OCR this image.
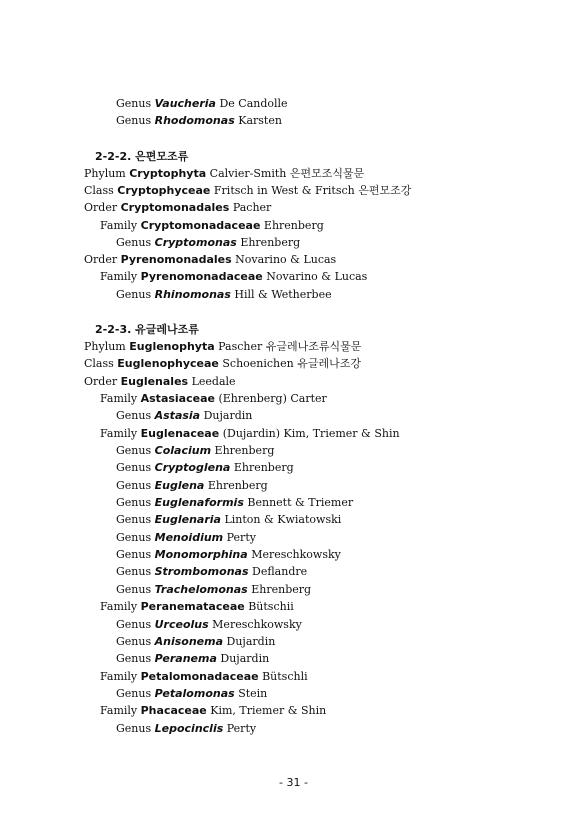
Genus Vaucheria De Candolle
Genus Rhodomonas Karsten
2-2-2. 은편모조류
Phylum Cryptophyta Calvier-Smith 은편모조식물문
Class Cryptophyceae Fritsch in West & Fritsch 은편모조강
Order Cryptomonadales Pacher
Family Cryptomonadaceae Ehrenberg
Genus Cryptomonas Ehrenberg
Order Pyrenomonadales Novarino & Lucas
Family Pyrenomonadaceae Novarino & Lucas
Genus Rhinomonas Hill & Wetherbee
2-2-3. 유글레나조류
Phylum Euglenophyta Pascher 유글레나조류식물문
Class Euglenophyceae Schoenichen 유글레나조강
Order Euglenales Leedale
Family Astasiaceae (Ehrenberg) Carter
Genus Astasia Dujardin
Family Euglenaceae (Dujardin) Kim, Triemer & Shin
Genus Colacium Ehrenberg
Genus Cryptoglena Ehrenberg
Genus Euglena Ehrenberg
Genus Euglenaformis Bennett & Triemer
Genus Euglenaria Linton & Kwiatowski
Genus Menoidium Perty
Genus Monomorphina Mereschkowsky
Genus Strombomonas Deflandre
Genus Trachelomonas Ehrenberg
Family Peranemataceae Bütschii
Genus Urceolus Mereschkowsky
Genus Anisonema Dujardin
Genus Peranema Dujardin
Family Petalomonadaceae Bütschli
Genus Petalomonas Stein
Family Phacaceae Kim, Triemer & Shin
Genus Lepocinclis Perty
- 31 -
